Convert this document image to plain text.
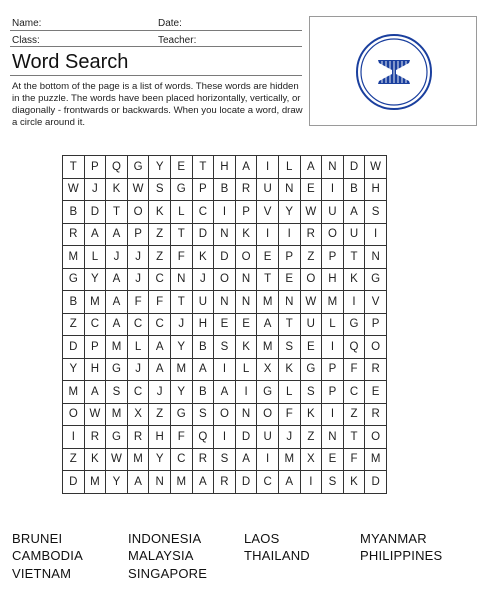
Name:	Date:
Class:	Teacher:
Word Search
At the bottom of the page is a list of words. These words are hidden in the puzzle. The words have been placed horizontally, vertically, or diagonally - frontwards or backwards. When you locate a word, draw a circle around it.
T	P	Q	G	Y	E	T	H	A	I	L	A	N	D	W
W	J	K	W	S	G	P	B	R	U	N	E	I	B	H
B	D	T	O	K	L	C	I	P	V	Y	W	U	A	S
R	A	A	P	Z	T	D	N	K	I	I	R	O	U	I
M	L	J	J	Z	F	K	D	O	E	P	Z	P	T	N
G	Y	A	J	C	N	J	O	N	T	E	O	H	K	G
B	M	A	F	F	T	U	N	N	M	N	W	M	I	V
Z	C	A	C	C	J	H	E	E	A	T	U	L	G	P
D	P	M	L	A	Y	B	S	K	M	S	E	I	Q	O
Y	H	G	J	A	M	A	I	L	X	K	G	P	F	R
M	A	S	C	J	Y	B	A	I	G	L	S	P	C	E
O	W	M	X	Z	G	S	O	N	O	F	K	I	Z	R
I	R	G	R	H	F	Q	I	D	U	J	Z	N	T	O
Z	K	W	M	Y	C	R	S	A	I	M	X	E	F	M
D	M	Y	A	N	M	A	R	D	C	A	I	S	K	D
BRUNEI	INDONESIA	LAOS	MYANMAR
CAMBODIA	MALAYSIA	THAILAND	PHILIPPINES
VIETNAM	SINGAPORE
